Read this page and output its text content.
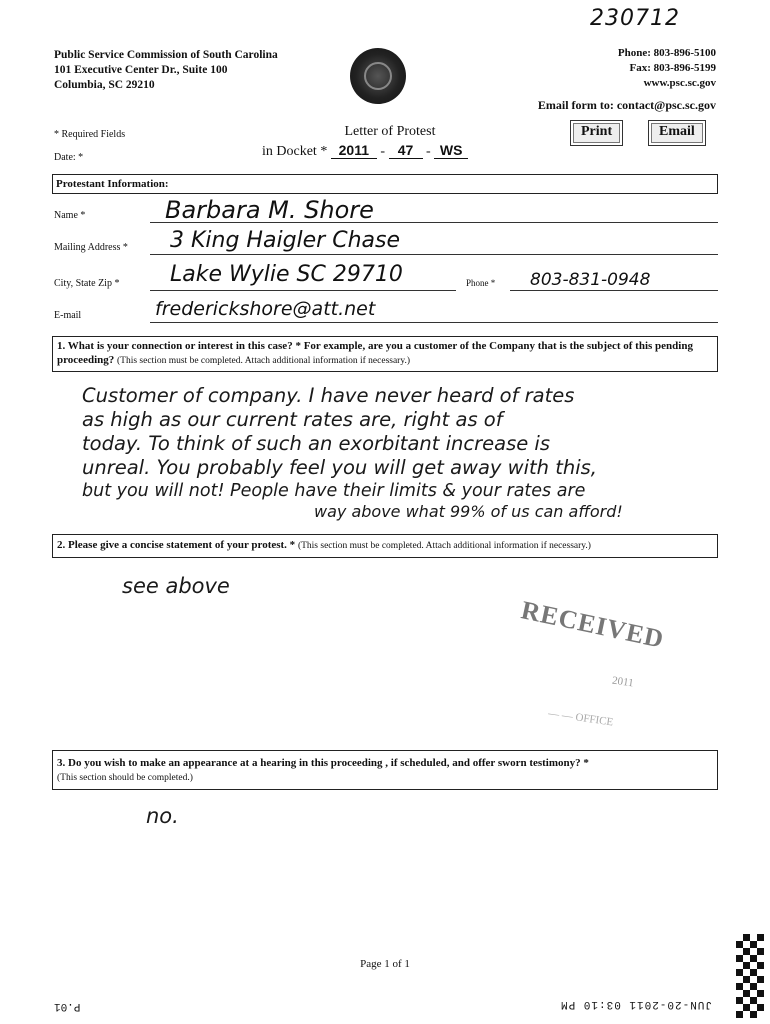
230712
Public Service Commission of South Carolina
101 Executive Center Dr., Suite 100
Columbia, SC 29210
Phone: 803-896-5100
Fax: 803-896-5199
www.psc.sc.gov
Email form to: contact@psc.sc.gov
* Required Fields
Date: *
Letter of Protest
in Docket * 2011 - 47 - WS
Print	Email
Protestant Information:
Name *	Barbara M. Shore
Mailing Address * 3 King Haigler Chase
City, State Zip * Lake Wylie SC 29710	Phone * 803-831-0948
E-mail	frederickshore@att.net
1. What is your connection or interest in this case? * For example, are you a customer of the Company that is the subject of this pending proceeding? (This section must be completed. Attach additional information if necessary.)
Customer of company. I have never heard of rates
as high as our current rates are, right as of
today. To think of such an exorbitant increase is
unreal. You probably feel you will get away with this,
but you will not! People have their limits & your rates are
way above what 99% of us can afford!
2. Please give a concise statement of your protest. * (This section must be completed. Attach additional information if necessary.)
see above
RECEIVED
2011
— — OFFICE
3. Do you wish to make an appearance at a hearing in this proceeding , if scheduled, and offer sworn testimony? *
(This section should be completed.)
no.
Page 1 of 1
P.01	JUN-20-2011 03:10 PM
